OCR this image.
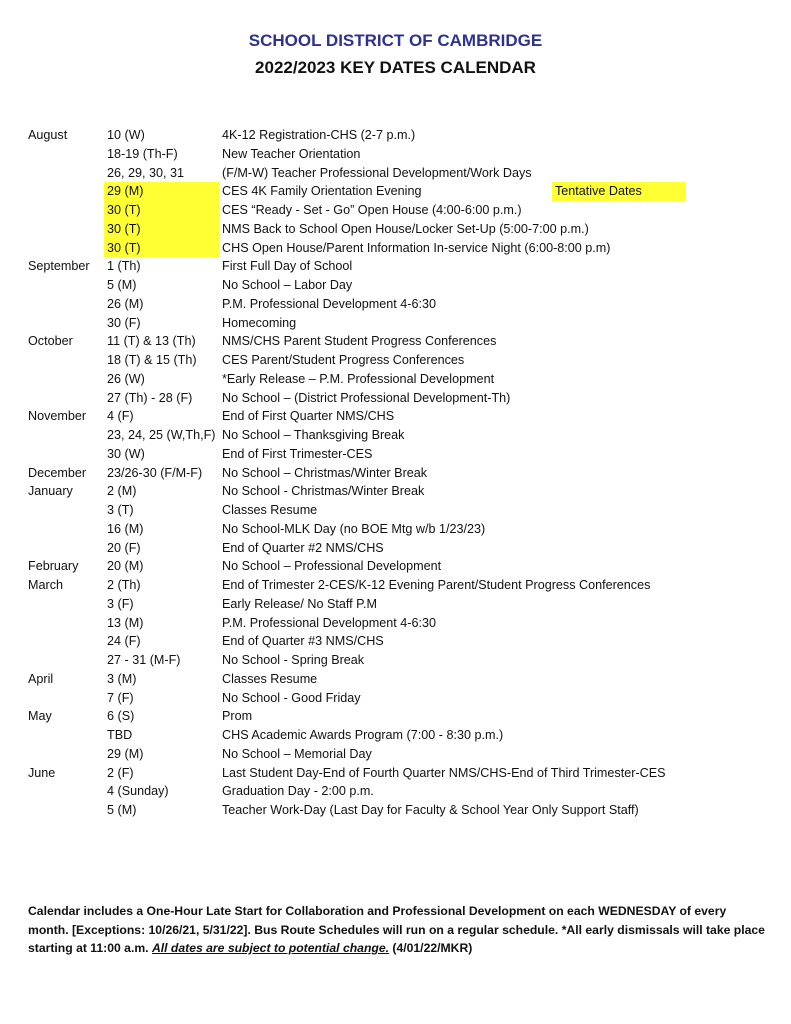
SCHOOL DISTRICT OF CAMBRIDGE
2022/2023 KEY DATES CALENDAR
August	10 (W)	4K-12 Registration-CHS (2-7 p.m.)
18-19 (Th-F)	New Teacher Orientation
26, 29, 30, 31	(F/M-W) Teacher Professional Development/Work Days
29 (M)	CES 4K Family Orientation Evening	Tentative Dates
30 (T)	CES “Ready - Set - Go” Open House (4:00-6:00 p.m.)
30 (T)	NMS Back to School Open House/Locker Set-Up (5:00-7:00 p.m.)
30 (T)	CHS Open House/Parent Information In-service Night (6:00-8:00 p.m)
September 1 (Th)	First Full Day of School
5 (M)	No School – Labor Day
26 (M)	P.M. Professional Development 4-6:30
30 (F)	Homecoming
October	11 (T) & 13 (Th)	NMS/CHS Parent Student Progress Conferences
18 (T) & 15 (Th)	CES Parent/Student Progress Conferences
26 (W)	*Early Release – P.M. Professional Development
27 (Th) - 28 (F)	No School – (District Professional Development-Th)
November 4 (F)	End of First Quarter NMS/CHS
23, 24, 25 (W,Th,F) No School – Thanksgiving Break
30 (W)	End of First Trimester-CES
December 23/26-30 (F/M-F)	No School – Christmas/Winter Break
January	2 (M)	No School - Christmas/Winter Break
3 (T)	Classes Resume
16 (M)	No School-MLK Day (no BOE Mtg w/b 1/23/23)
20 (F)	End of Quarter #2 NMS/CHS
February 20 (M)	No School – Professional Development
March	2 (Th)	End of Trimester 2-CES/K-12 Evening Parent/Student Progress Conferences
3 (F)	Early Release/ No Staff P.M
13 (M)	P.M. Professional Development 4-6:30
24 (F)	End of Quarter #3 NMS/CHS
27 - 31 (M-F)	No School - Spring Break
April	3 (M)	Classes Resume
7 (F)	No School - Good Friday
May	6 (S)	Prom
TBD	CHS Academic Awards Program (7:00 - 8:30 p.m.)
29 (M)	No School – Memorial Day
June	2 (F)	Last Student Day-End of Fourth Quarter NMS/CHS-End of Third Trimester-CES
4 (Sunday)	Graduation Day - 2:00 p.m.
5 (M)	Teacher Work-Day (Last Day for Faculty & School Year Only Support Staff)
Calendar includes a One-Hour Late Start for Collaboration and Professional Development on each WEDNESDAY of every month. [Exceptions: 10/26/21, 5/31/22]. Bus Route Schedules will run on a regular schedule. *All early dismissals will take place starting at 11:00 a.m. All dates are subject to potential change. (4/01/22/MKR)
